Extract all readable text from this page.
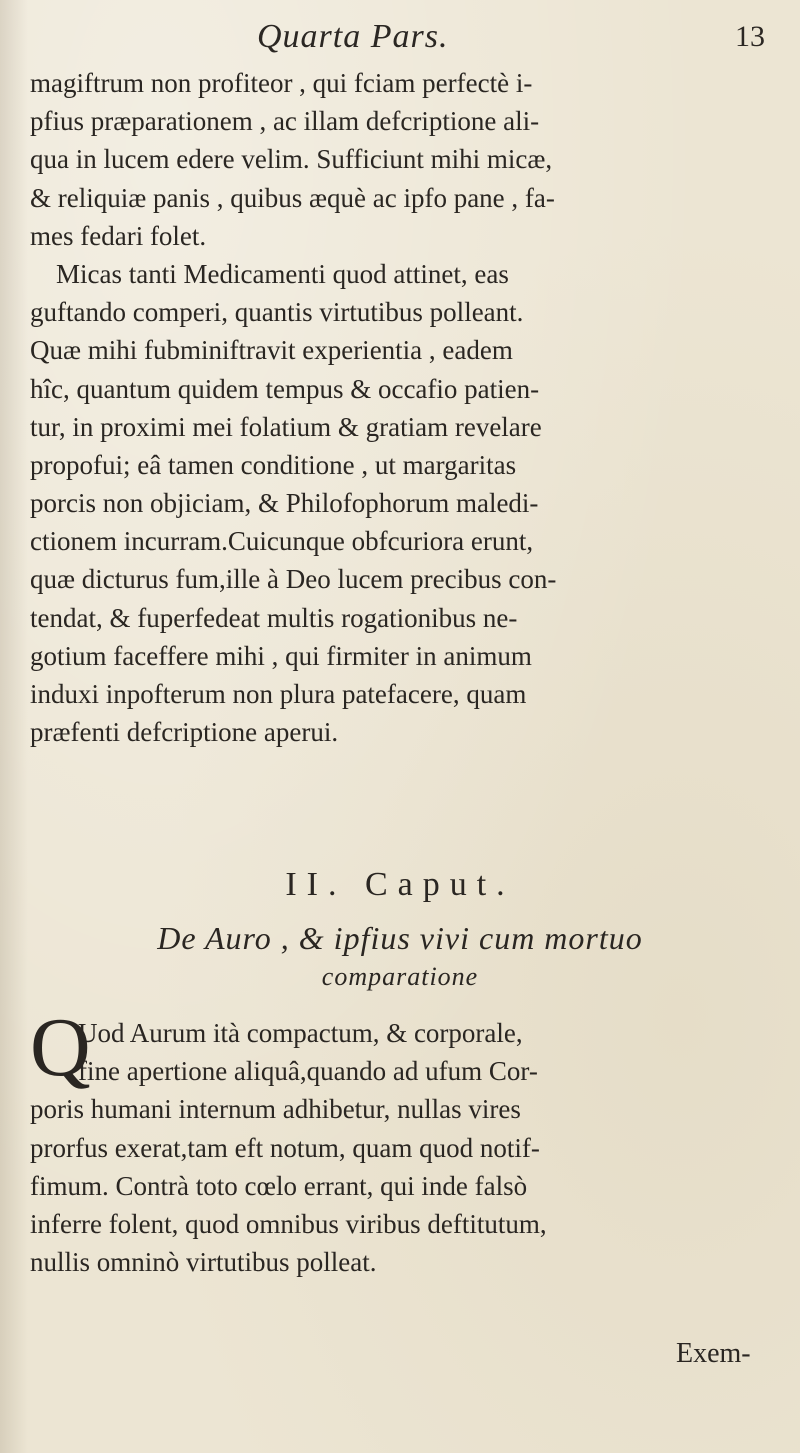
Quarta Pars.	13
magiftrum non profiteor , qui fciam perfectè i-
pfius præparationem , ac illam defcriptione ali-
qua in lucem edere velim. Sufficiunt mihi micæ,
& reliquiæ panis , quibus æquè ac ipfo pane , fa-
mes fedari folet.
Micas tanti Medicamenti quod attinet, eas
guftando comperi, quantis virtutibus polleant.
Quæ mihi fubminiftravit experientia , eadem
hîc, quantum quidem tempus & occafio patien-
tur, in proximi mei folatium & gratiam revelare
propofui; eâ tamen conditione , ut margaritas
porcis non objiciam, & Philofophorum maledi-
ctionem incurram.Cuicunque obfcuriora erunt,
quæ dicturus fum,ille à Deo lucem precibus con-
tendat, & fuperfedeat multis rogationibus ne-
gotium faceffere mihi , qui firmiter in animum
induxi inpofterum non plura patefacere, quam
præfenti defcriptione aperui.
II. Caput.
De Auro , & ipfius vivi cum mortuo
comparatione
Q
Uod Aurum ità compactum, & corporale,
fine apertione aliquâ,quando ad ufum Cor-
poris humani internum adhibetur, nullas vires
prorfus exerat,tam eft notum, quam quod notif-
fimum. Contrà toto cœlo errant, qui inde falsò
inferre folent, quod omnibus viribus deftitutum,
nullis omninò virtutibus polleat.
Exem-
